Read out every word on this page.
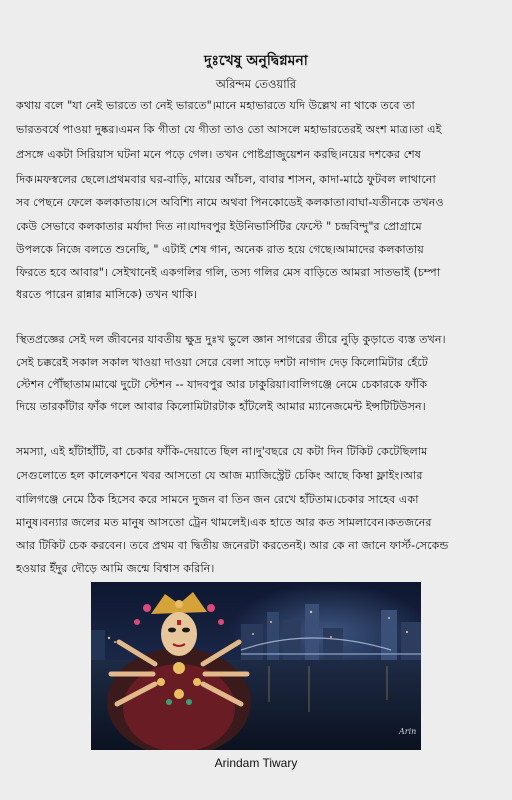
দুঃখেষু অনুদ্বিগ্নমনা
অরিন্দম তেওয়ারি
কথায় বলে "যা নেই ভারতে তা নেই ভারতে"।মানে মহাভারতে যদি উল্লেখ না থাকে তবে তা
ভারতবর্ষে পাওয়া দুষ্কর।এমন কি গীতা যে গীতা তাও তো আসলে মহাভারতেরই অংশ মাত্র।তা এই
প্রসঙ্গে একটা সিরিয়াস ঘটনা মনে পড়ে গেল। তখন পোষ্টগ্রাজুয়েশন করছি।নয়ের দশকের শেষ
দিক।মফস্বলের ছেলে।প্রথমবার ঘর-বাড়ি, মায়ের আঁচল, বাবার শাসন, কাদা-মাঠে ফুটবল লাথানো
সব পেছনে ফেলে কলকাতায়।সে অবিশ্যি নামে অথবা পিনকোডেই কলকাতা।বাঘা-যতীনকে তখনও
কেউ সেভাবে কলকাতার মর্যাদা দিত না।যাদবপুর ইউনিভার্সিটির ফেস্টে " চন্দ্রবিন্দু"র প্রোগ্রামে
উপলকে নিজে বলতে শুনেছি, " এটাই শেষ গান, অনেক রাত হয়ে গেছে।আমাদের কলকাতায়
ফিরতে হবে আবার"। সেইখানেই একগলির গলি, তস্য গলির মেস বাড়িতে আমরা সাতভাই (চম্পা
ধরতে পারেন রান্নার মাসিকে) তখন থাকি।
স্থিতপ্রজ্ঞের সেই দল জীবনের যাবতীয় ক্ষুদ্র দুঃখ ভুলে জ্ঞান সাগরের তীরে নুড়ি কুড়াতে ব্যস্ত তখন।
সেই চক্করেই সকাল সকাল খাওয়া দাওয়া সেরে বেলা সাড়ে দশটা নাগাদ দেড় কিলোমিটার হেঁটে
স্টেশন পৌঁছাতাম।মাঝে দুটো স্টেশন -- যাদবপুর আর ঢাকুরিয়া।বালিগঞ্জে নেমে চেকারকে ফাঁকি
দিয়ে তারকাঁটার ফাঁক গলে আবার কিলোমিটারটাক হাঁটলেই আমার ম্যানেজমেন্ট ইন্সটিটিউসন।
সমস্যা, এই হাঁটাহাঁটি, বা চেকার ফাঁকি-দেয়াতে ছিল না।দু'বছরে যে কটা দিন টিকিট কেটেছিলাম
সেগুলোতে হল কালেকশনে খবর আসতো যে আজ ম্যাজিস্ট্রেট চেকিং আছে কিম্বা ফ্লাইং।আর
বালিগঞ্জে নেমে ঠিক হিসেব করে সামনে দুজন বা তিন জন রেখে হাঁটতাম।চেকার সাহেব একা
মানুষ।বন্যার জলের মত মানুষ আসতো ট্রেন থামলেই।এক হাতে আর কত সামলাবেন।কতজনের
আর টিকিট চেক করবেন। তবে প্রথম বা দ্বিতীয় জনেরটা করতেনই। আর কে না জানে ফার্স্ট-সেকেন্ড
হওয়ার ইঁদুর দৌড়ে আমি জন্মে বিশ্বাস করিনি।
Arin
Arindam Tiwary
